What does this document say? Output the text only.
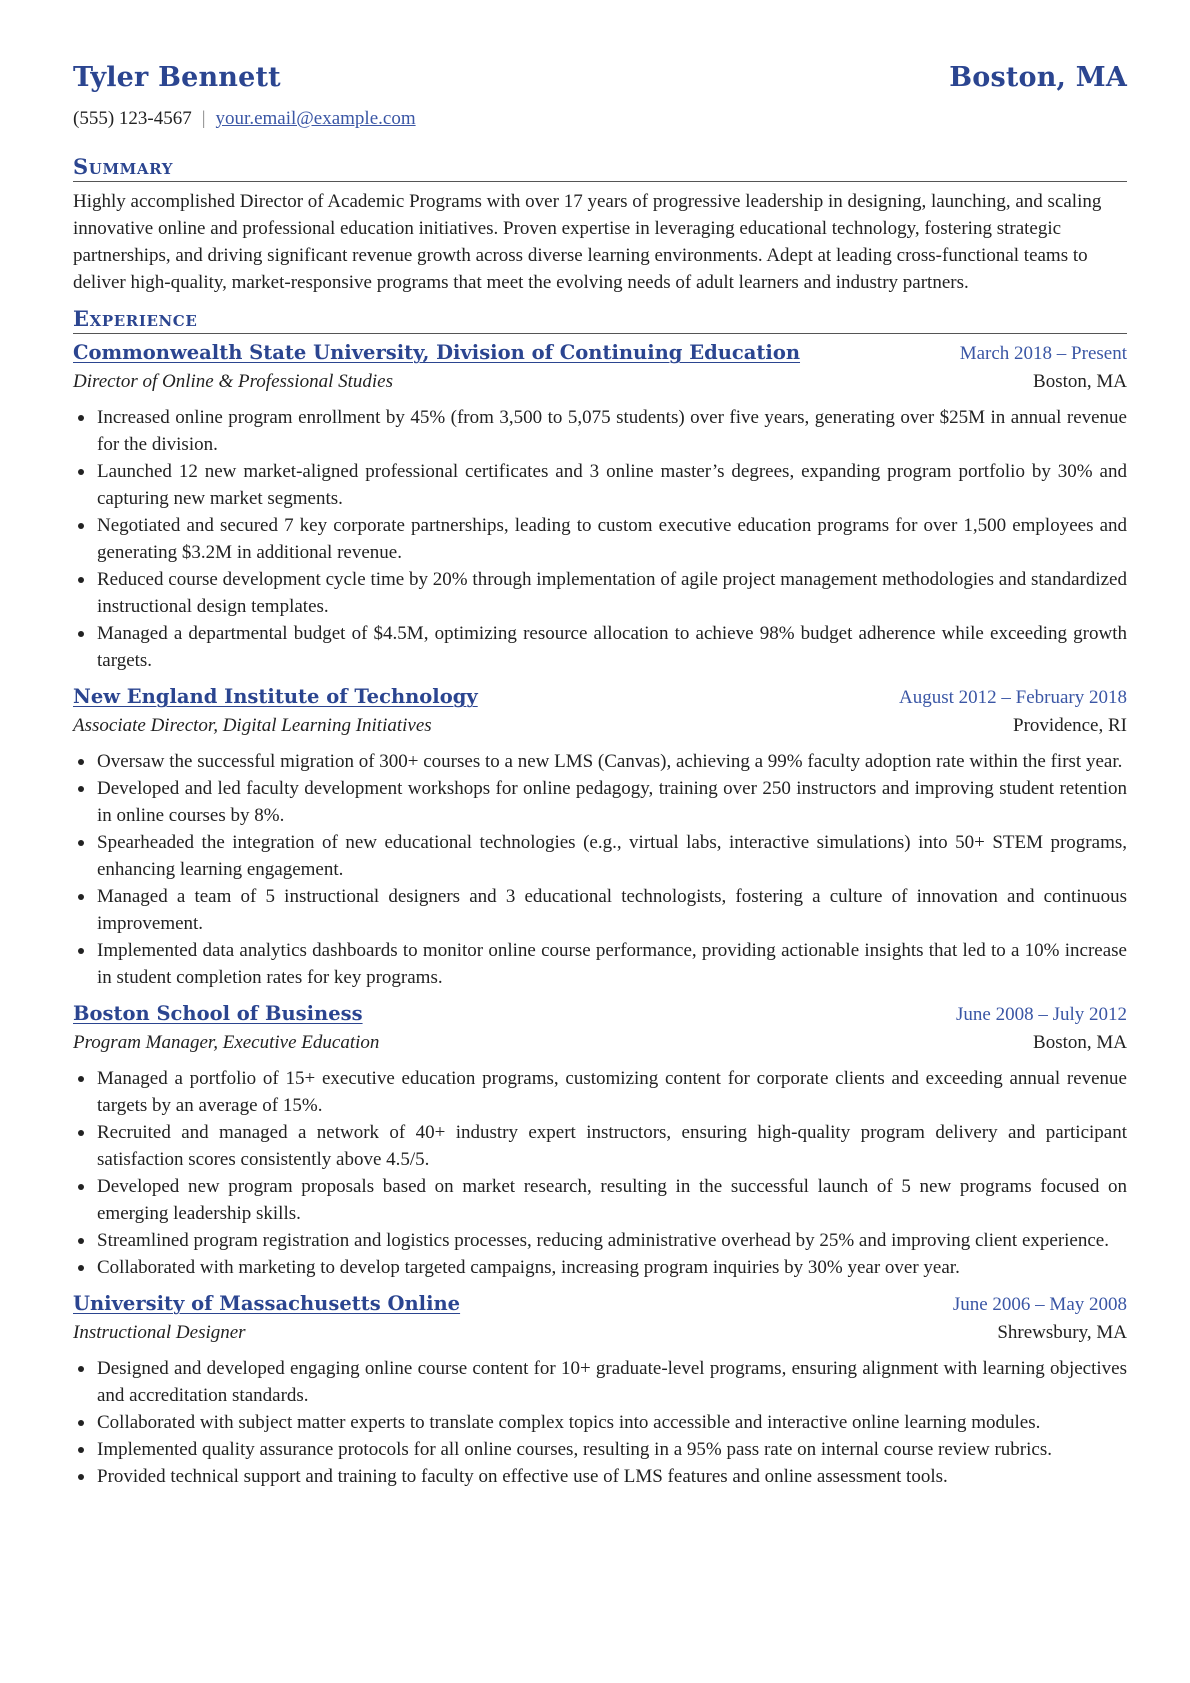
Tyler Bennett	Boston, MA
(555) 123-4567 | your.email@example.com
Summary
Highly accomplished Director of Academic Programs with over 17 years of progressive leadership in designing, launching, and scaling innovative online and professional education initiatives. Proven expertise in leveraging educational technology, fostering strategic partnerships, and driving significant revenue growth across diverse learning environments. Adept at leading cross-functional teams to deliver high-quality, market-responsive programs that meet the evolving needs of adult learners and industry partners.
Experience
Commonwealth State University, Division of Continuing Education	March 2018 – Present
Director of Online & Professional Studies	Boston, MA
Increased online program enrollment by 45% (from 3,500 to 5,075 students) over five years, generating over $25M in annual revenue for the division.
Launched 12 new market-aligned professional certificates and 3 online master’s degrees, expanding program portfolio by 30% and capturing new market segments.
Negotiated and secured 7 key corporate partnerships, leading to custom executive education programs for over 1,500 employees and generating $3.2M in additional revenue.
Reduced course development cycle time by 20% through implementation of agile project management methodologies and standardized instructional design templates.
Managed a departmental budget of $4.5M, optimizing resource allocation to achieve 98% budget adherence while exceeding growth targets.
New England Institute of Technology	August 2012 – February 2018
Associate Director, Digital Learning Initiatives	Providence, RI
Oversaw the successful migration of 300+ courses to a new LMS (Canvas), achieving a 99% faculty adoption rate within the first year.
Developed and led faculty development workshops for online pedagogy, training over 250 instructors and improving student retention in online courses by 8%.
Spearheaded the integration of new educational technologies (e.g., virtual labs, interactive simulations) into 50+ STEM programs, enhancing learning engagement.
Managed a team of 5 instructional designers and 3 educational technologists, fostering a culture of innovation and continuous improvement.
Implemented data analytics dashboards to monitor online course performance, providing actionable insights that led to a 10% increase in student completion rates for key programs.
Boston School of Business	June 2008 – July 2012
Program Manager, Executive Education	Boston, MA
Managed a portfolio of 15+ executive education programs, customizing content for corporate clients and exceeding annual revenue targets by an average of 15%.
Recruited and managed a network of 40+ industry expert instructors, ensuring high-quality program delivery and participant satisfaction scores consistently above 4.5/5.
Developed new program proposals based on market research, resulting in the successful launch of 5 new programs focused on emerging leadership skills.
Streamlined program registration and logistics processes, reducing administrative overhead by 25% and improving client experience.
Collaborated with marketing to develop targeted campaigns, increasing program inquiries by 30% year over year.
University of Massachusetts Online	June 2006 – May 2008
Instructional Designer	Shrewsbury, MA
Designed and developed engaging online course content for 10+ graduate-level programs, ensuring alignment with learning objectives and accreditation standards.
Collaborated with subject matter experts to translate complex topics into accessible and interactive online learning modules.
Implemented quality assurance protocols for all online courses, resulting in a 95% pass rate on internal course review rubrics.
Provided technical support and training to faculty on effective use of LMS features and online assessment tools.
